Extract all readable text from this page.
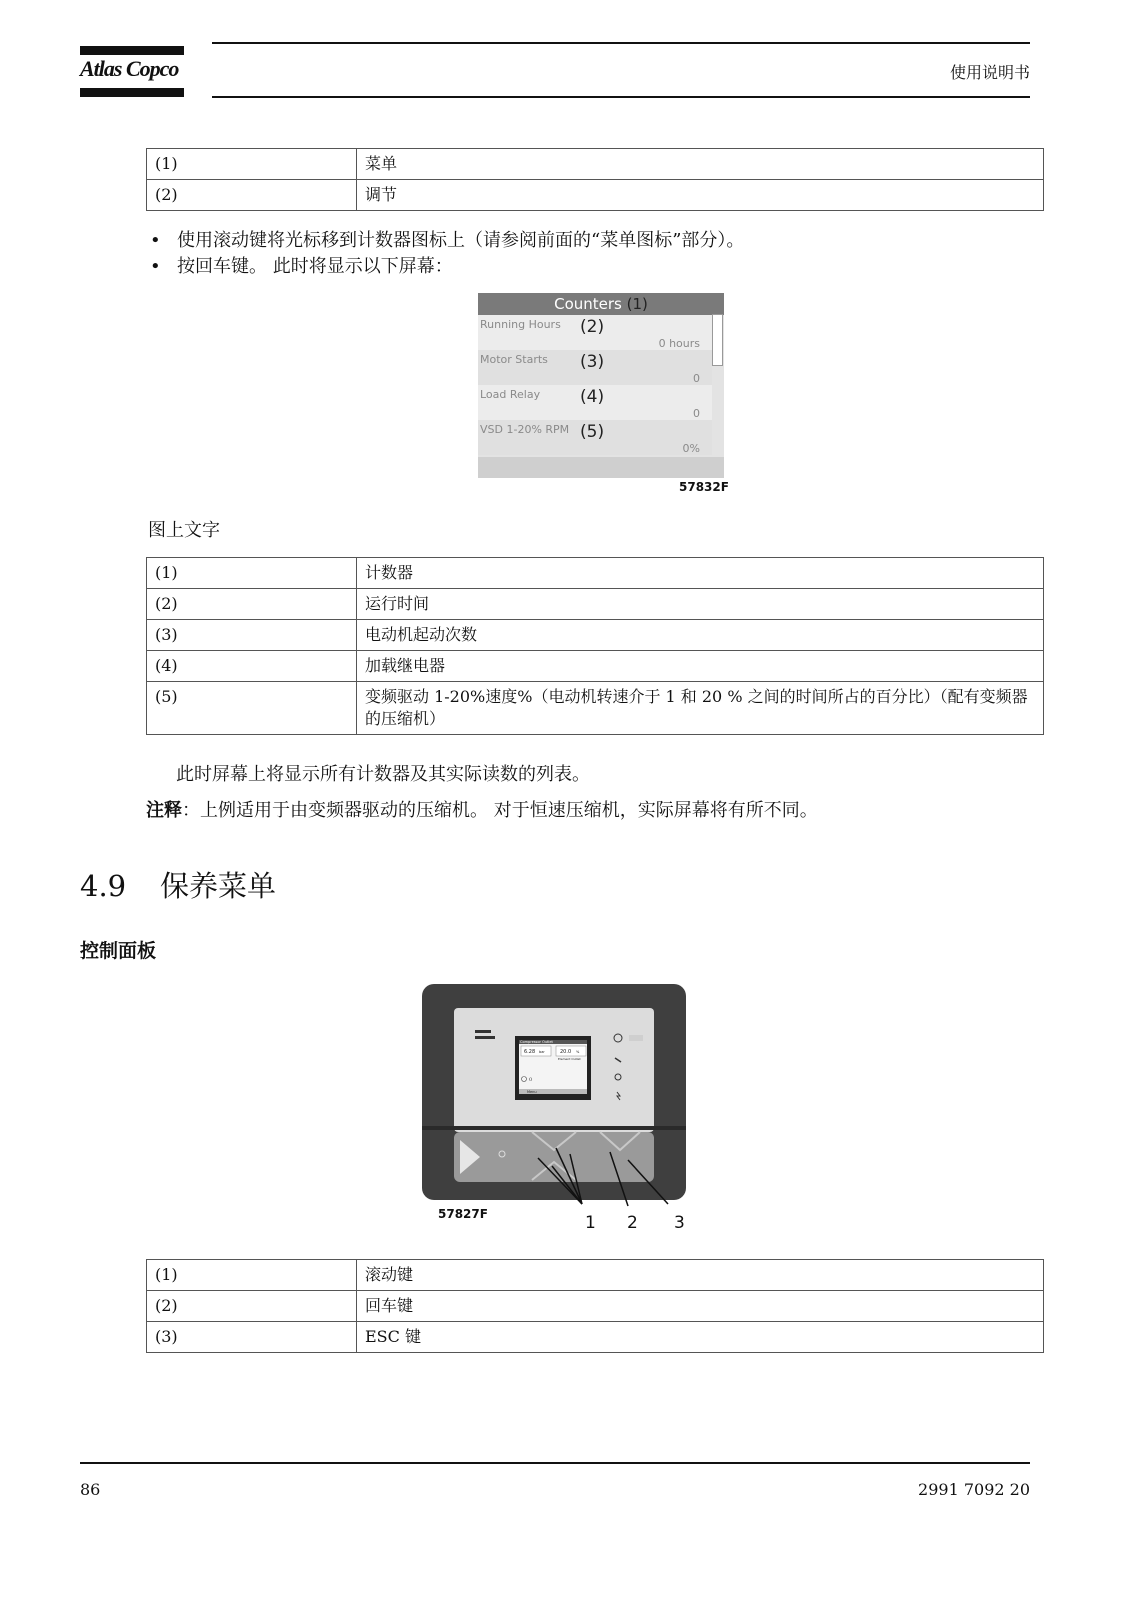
Atlas Copco	使用说明书
(1)	菜单
(2)	调节
• 使用滚动键将光标移到计数器图标上（请参阅前面的“菜单图标”部分）。
• 按回车键。 此时将显示以下屏幕：
Counters (1)
Running Hours (2)
0 hours
Motor Starts (3)
0
Load Relay (4)
0
VSD 1-20% RPM (5)
0%
57832F
图上文字
(1)	计数器
(2)	运行时间
(3)	电动机起动次数
(4)	加载继电器
(5)	变频驱动 1-20%速度%（电动机转速介于 1 和 20 % 之间的时间所占的百分比）（配有变频器的压缩机）
此时屏幕上将显示所有计数器及其实际读数的列表。
注释：上例适用于由变频器驱动的压缩机。 对于恒速压缩机，实际屏幕将有所不同。
4.9 保养菜单
控制面板
Compressor Outlet
6.28 bar	20.0 %
Element Outlet
0
Menu
57827F	1 2 3
(1)	滚动键
(2)	回车键
(3)	ESC 键
86	2991 7092 20
